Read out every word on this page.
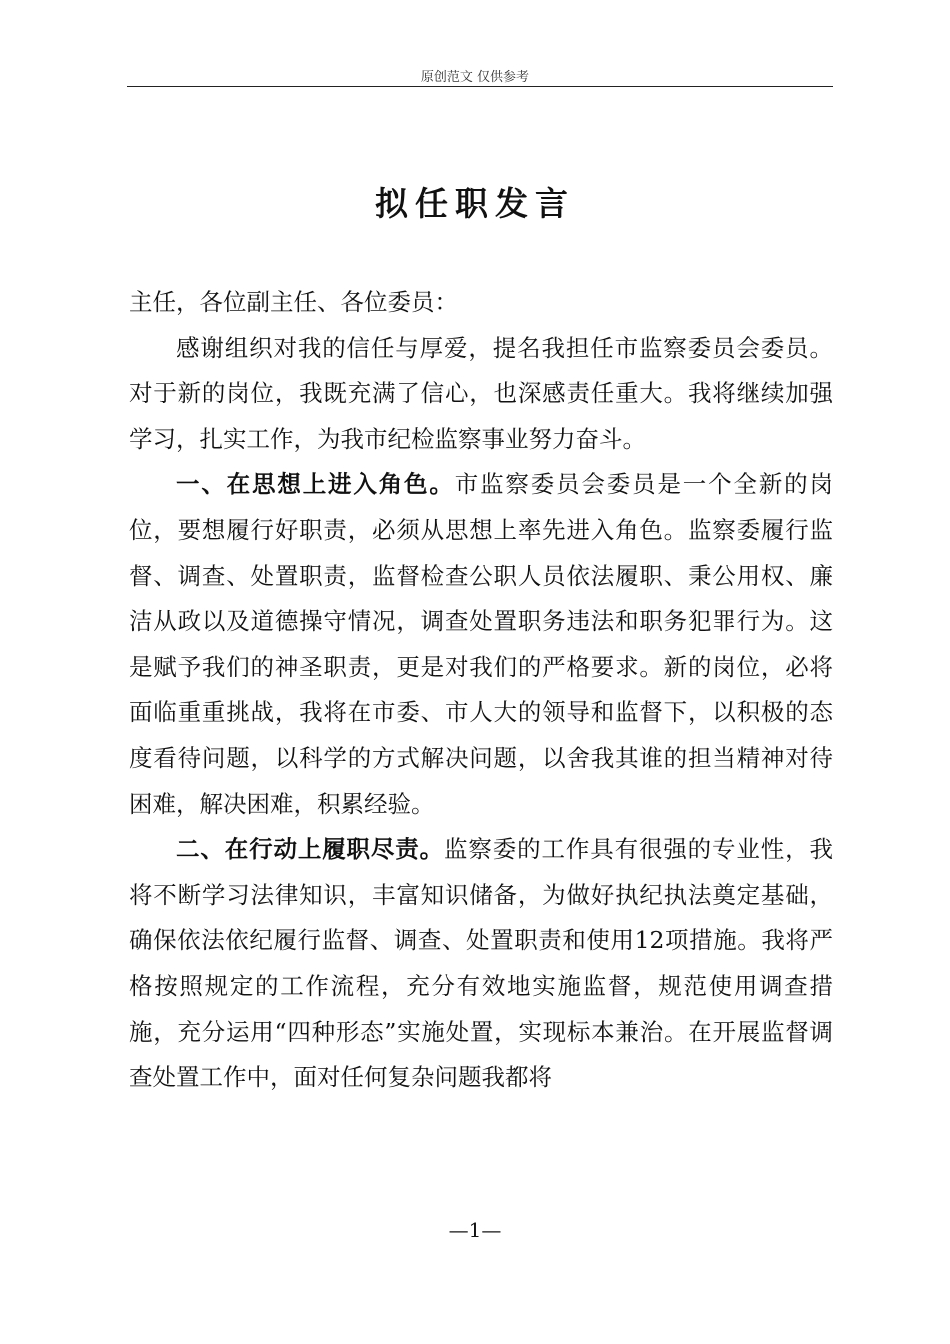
原创范文 仅供参考
拟任职发言

主任，各位副主任、各位委员：

感谢组织对我的信任与厚爱，提名我担任市监察委员会委员。对于新的岗位，我既充满了信心，也深感责任重大。我将继续加强学习，扎实工作，为我市纪检监察事业努力奋斗。

一、在思想上进入角色。市监察委员会委员是一个全新的岗位，要想履行好职责，必须从思想上率先进入角色。监察委履行监督、调查、处置职责，监督检查公职人员依法履职、秉公用权、廉洁从政以及道德操守情况，调查处置职务违法和职务犯罪行为。这是赋予我们的神圣职责，更是对我们的严格要求。新的岗位，必将面临重重挑战，我将在市委、市人大的领导和监督下，以积极的态度看待问题，以科学的方式解决问题，以舍我其谁的担当精神对待困难，解决困难，积累经验。

二、在行动上履职尽责。监察委的工作具有很强的专业性，我将不断学习法律知识，丰富知识储备，为做好执纪执法奠定基础，确保依法依纪履行监督、调查、处置职责和使用12项措施。我将严格按照规定的工作流程，充分有效地实施监督，规范使用调查措施，充分运用“四种形态”实施处置，实现标本兼治。在开展监督调查处置工作中，面对任何复杂问题我都将

—1—
